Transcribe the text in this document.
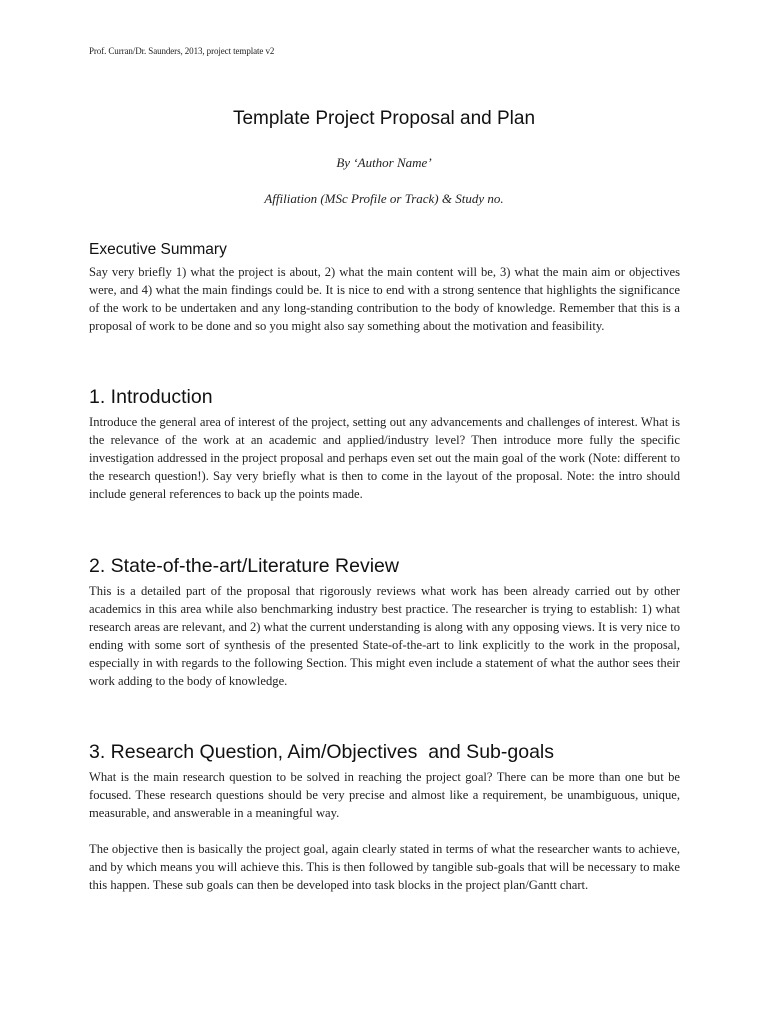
Prof. Curran/Dr. Saunders, 2013, project template v2
Template Project Proposal and Plan
By ‘Author Name’
Affiliation (MSc Profile or Track) & Study no.
Executive Summary

Say very briefly 1) what the project is about, 2) what the main content will be, 3) what the main aim or objectives were, and 4) what the main findings could be. It is nice to end with a strong sentence that highlights the significance of the work to be undertaken and any long-standing contribution to the body of knowledge. Remember that this is a proposal of work to be done and so you might also say something about the motivation and feasibility.

1. Introduction

Introduce the general area of interest of the project, setting out any advancements and challenges of interest. What is the relevance of the work at an academic and applied/industry level? Then introduce more fully the specific investigation addressed in the project proposal and perhaps even set out the main goal of the work (Note: different to the research question!). Say very briefly what is then to come in the layout of the proposal. Note: the intro should include general references to back up the points made.

2. State-of-the-art/Literature Review

This is a detailed part of the proposal that rigorously reviews what work has been already carried out by other academics in this area while also benchmarking industry best practice. The researcher is trying to establish: 1) what research areas are relevant, and 2) what the current understanding is along with any opposing views. It is very nice to ending with some sort of synthesis of the presented State-of-the-art to link explicitly to the work in the proposal, especially in with regards to the following Section. This might even include a statement of what the author sees their work adding to the body of knowledge.

3. Research Question, Aim/Objectives  and Sub-goals

What is the main research question to be solved in reaching the project goal? There can be more than one but be focused. These research questions should be very precise and almost like a requirement, be unambiguous, unique, measurable, and answerable in a meaningful way.

The objective then is basically the project goal, again clearly stated in terms of what the researcher wants to achieve, and by which means you will achieve this. This is then followed by tangible sub-goals that will be necessary to make this happen. These sub goals can then be developed into task blocks in the project plan/Gantt chart.
